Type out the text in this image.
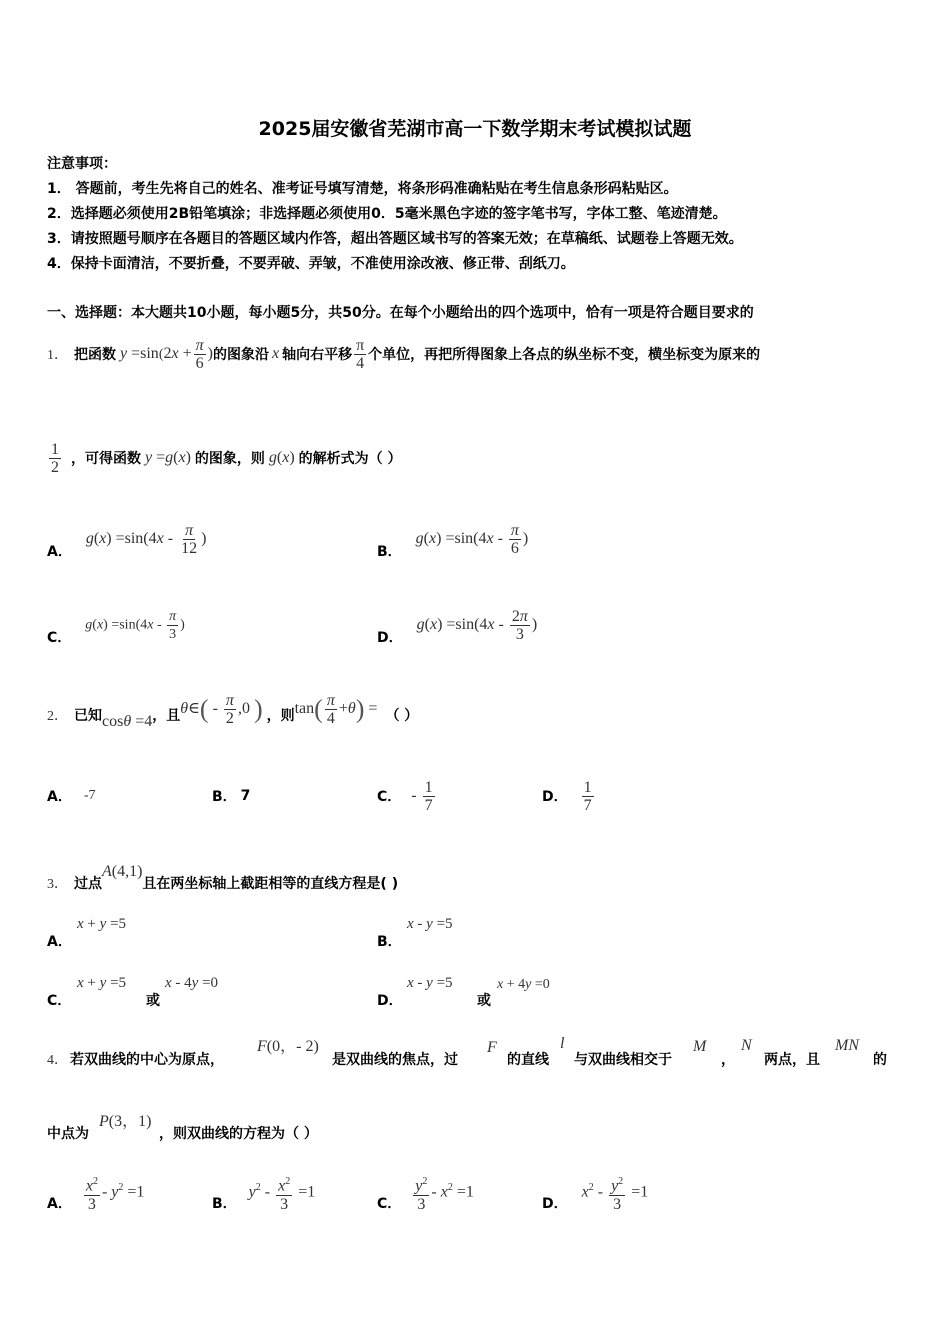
2025届安徽省芜湖市高一下数学期末考试模拟试题
注意事项：
1． 答题前，考生先将自己的姓名、准考证号填写清楚，将条形码准确粘贴在考生信息条形码粘贴区。
2．选择题必须使用2B铅笔填涂；非选择题必须使用0．5毫米黑色字迹的签字笔书写，字体工整、笔迹清楚。
3．请按照题号顺序在各题目的答题区域内作答，超出答题区域书写的答案无效；在草稿纸、试题卷上答题无效。
4．保持卡面清洁，不要折叠，不要弄破、弄皱，不准使用涂改液、修正带、刮纸刀。
一、选择题：本大题共10小题，每小题5分，共50分。在每个小题给出的四个选项中，恰有一项是符合题目要求的
1． 把函数 $y =\sin(2x + \frac{\pi}{6}$ ) 的图象沿 x 轴向右平移 $\frac{\pi}{4}$ 个单位，再把所得图象上各点的纵坐标不变，横坐标变为原来的
$\frac{1}{2}$ ，可得函数 y =g(x) 的图象，则 g(x) 的解析式为（ ）
A．
$g(x) =\sin(4x - \frac{\pi}{12}$ )
B．
$g(x) =\sin(4x - \frac{\pi}{6}$ )
C．
$g(x) =\sin(4x - \frac{\pi}{3}$ )
D．
$g(x) =\sin(4x - \frac{2\pi}{3}$ )
2． 已知 cosθ =4 ，且 θ∈( - $\frac{\pi}{2} ,0$ ) ，则 $\tan( \frac{\pi}{4} +\theta)$ = （ ）
A． -7	B． 7	C． - $\frac{1}{7}$	D． $\frac{1}{7}$
3． 过点
A(4,1)
且在两坐标轴上截距相等的直线方程是( )
A．
x + y =5
B．
x - y =5
C．
x + y =5
或
x - 4y =0
D．
x - y =5
或
x + 4y =0
4． 若双曲线的中心为原点，
F(0，- 2)
是双曲线的焦点，过
F
的直线
l
与双曲线相交于
M
，
N
两点，且
MN
的
中点为
P(3，1)
，则双曲线的方程为（ ）
A． $\frac{x^2}{3} - y^2 =1$
B．
$y^2 - \frac{x^2}{3} =1$
C． $\frac{y^2}{3} - x^2 =1$
D．
$x^2 - \frac{y^2}{3} =1$
